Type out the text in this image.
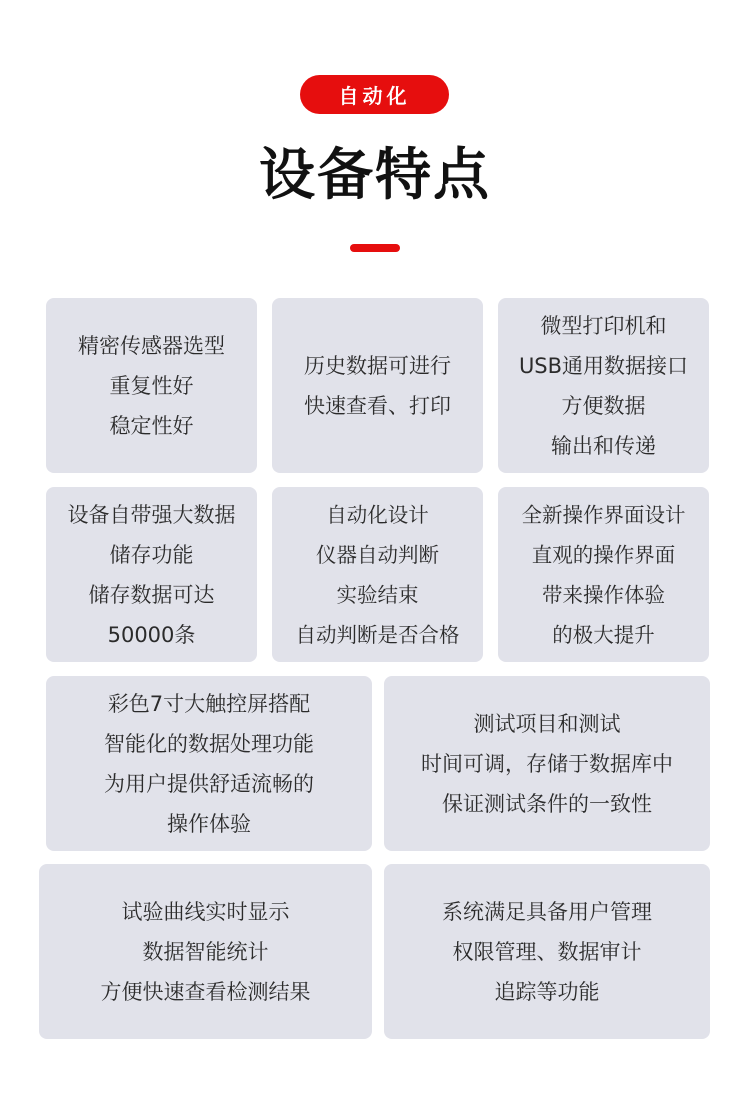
自动化
设备特点
精密传感器选型
重复性好
稳定性好
历史数据可进行
快速查看、打印
微型打印机和
USB通用数据接口
方便数据
输出和传递
设备自带强大数据
储存功能
储存数据可达
50000条
自动化设计
仪器自动判断
实验结束
自动判断是否合格
全新操作界面设计
直观的操作界面
带来操作体验
的极大提升
彩色7寸大触控屏搭配
智能化的数据处理功能
为用户提供舒适流畅的
操作体验
测试项目和测试
时间可调，存储于数据库中
保证测试条件的一致性
试验曲线实时显示
数据智能统计
方便快速查看检测结果
系统满足具备用户管理
权限管理、数据审计
追踪等功能
